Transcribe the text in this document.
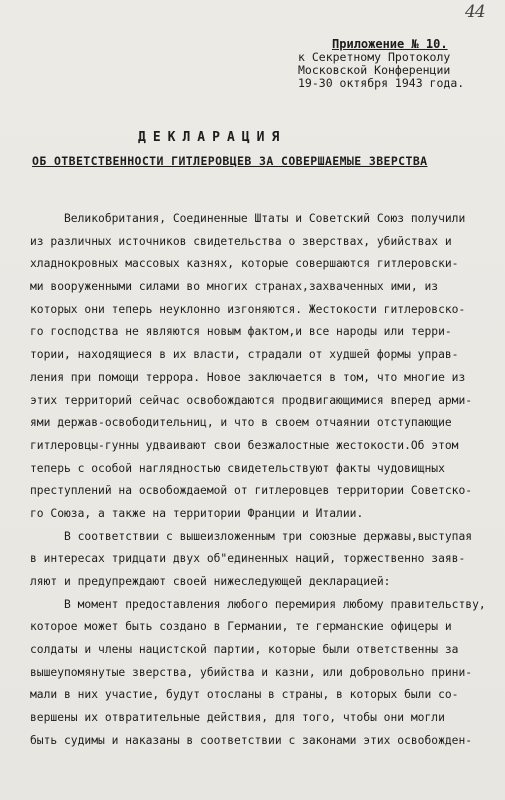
44
Приложение № 10.
к Секретному Протоколу
Московской Конференции
19-30 октября 1943 года.
ДЕКЛАРАЦИЯ
ОБ ОТВЕТСТВЕННОСТИ ГИТЛЕРОВЦЕВ ЗА СОВЕРШАЕМЫЕ ЗВЕРСТВА
Великобритания, Соединенные Штаты и Советский Союз получили
из различных источников свидетельства о зверствах, убийствах и
хладнокровных массовых казнях, которые совершаются гитлеровски-
ми вооруженными силами во многих странах,захваченных ими, из
которых они теперь неуклонно изгоняются. Жестокости гитлеровско-
го господства не являются новым фактом,и все народы или терри-
тории, находящиеся в их власти, страдали от худшей формы управ-
ления при помощи террора. Новое заключается в том, что многие из
этих территорий сейчас освобождаются продвигающимися вперед арми-
ями держав-освободительниц, и что в своем отчаянии отступающие
гитлеровцы-гунны удваивают свои безжалостные жестокости.Об этом
теперь с особой наглядностью свидетельствуют факты чудовищных
преступлений на освобождаемой от гитлеровцев территории Советско-
го Союза, а также на территории Франции и Италии.
В соответствии с вышеизложенным три союзные державы,выступая
в интересах тридцати двух об"единенных наций, торжественно заяв-
ляют и предупреждают своей нижеследующей декларацией:
В момент предоставления любого перемирия любому правительству,
которое может быть создано в Германии, те германские офицеры и
солдаты и члены нацистской партии, которые были ответственны за
вышеупомянутые зверства, убийства и казни, или добровольно прини-
мали в них участие, будут отосланы в страны, в которых были со-
вершены их отвратительные действия, для того, чтобы они могли
быть судимы и наказаны в соответствии с законами этих освобожден-
